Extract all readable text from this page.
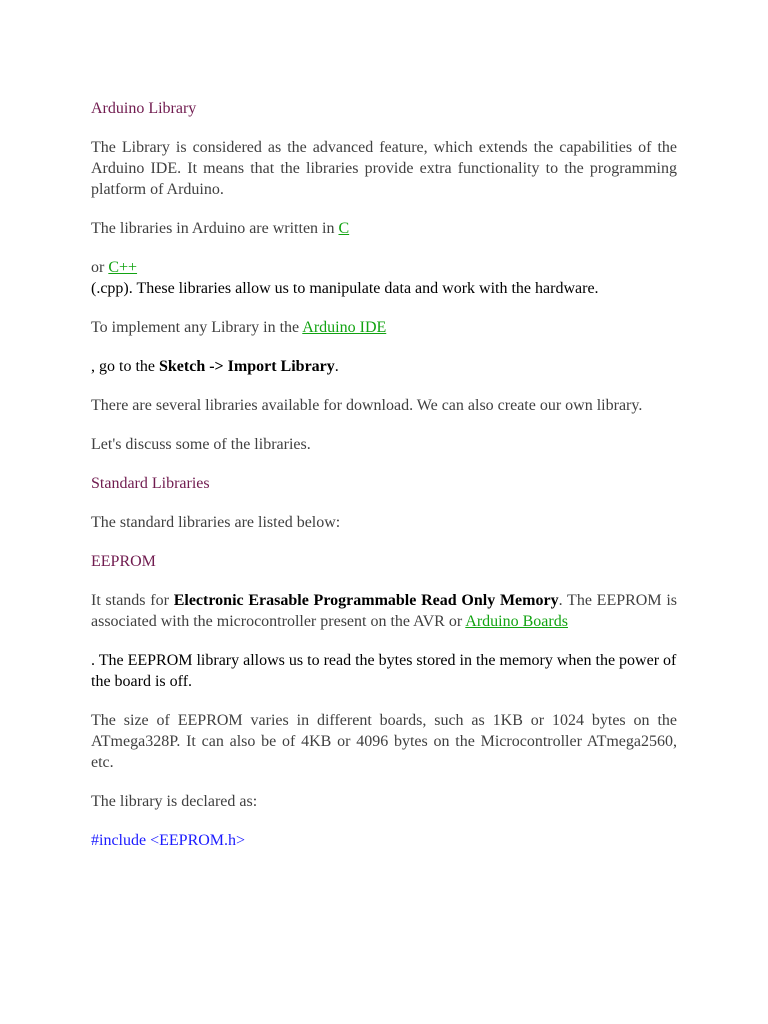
Arduino Library

The Library is considered as the advanced feature, which extends the capabilities of the Arduino IDE. It means that the libraries provide extra functionality to the programming platform of Arduino.

The libraries in Arduino are written in C

or C++
(.cpp). These libraries allow us to manipulate data and work with the hardware.

To implement any Library in the Arduino IDE

, go to the Sketch -> Import Library.

There are several libraries available for download. We can also create our own library.

Let's discuss some of the libraries.

Standard Libraries

The standard libraries are listed below:

EEPROM

It stands for Electronic Erasable Programmable Read Only Memory. The EEPROM is associated with the microcontroller present on the AVR or Arduino Boards

. The EEPROM library allows us to read the bytes stored in the memory when the power of the board is off.

The size of EEPROM varies in different boards, such as 1KB or 1024 bytes on the ATmega328P. It can also be of 4KB or 4096 bytes on the Microcontroller ATmega2560, etc.

The library is declared as:

#include <EEPROM.h>
